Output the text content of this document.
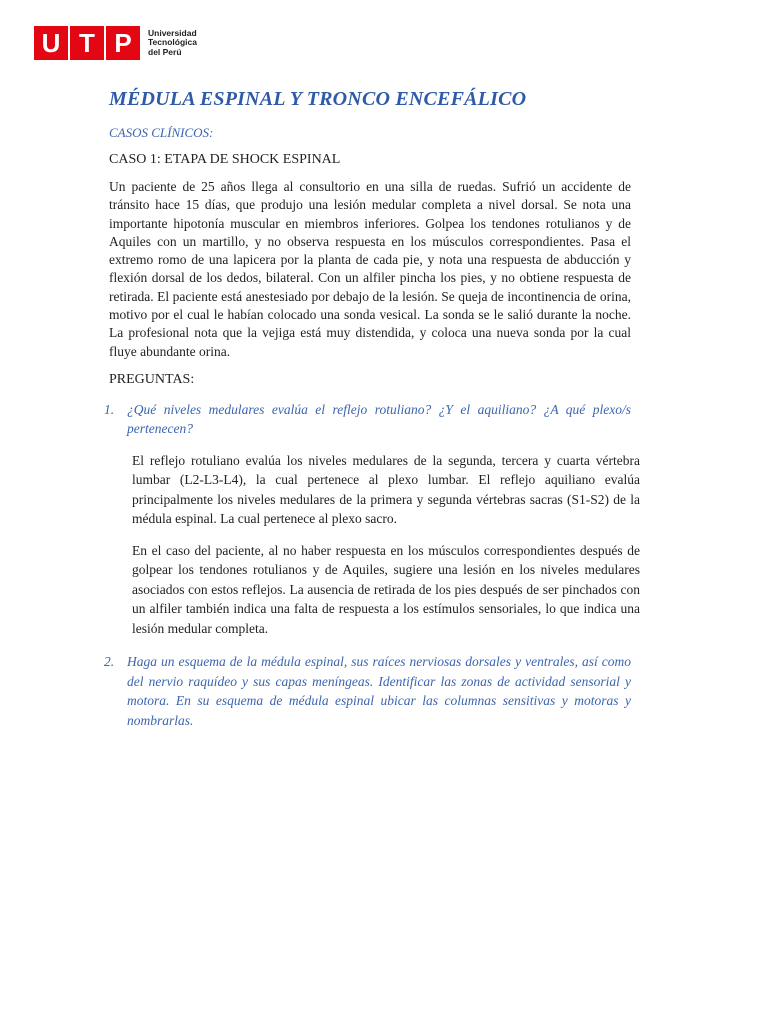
U T P	Universidad
Tecnológica
del Perú
MÉDULA ESPINAL Y TRONCO ENCEFÁLICO
CASOS CLÍNICOS:
CASO 1: ETAPA DE SHOCK ESPINAL
Un paciente de 25 años llega al consultorio en una silla de ruedas. Sufrió un accidente de tránsito hace 15 días, que produjo una lesión medular completa a nivel dorsal. Se nota una importante hipotonía muscular en miembros inferiores. Golpea los tendones rotulianos y de Aquiles con un martillo, y no observa respuesta en los músculos correspondientes. Pasa el extremo romo de una lapicera por la planta de cada pie, y nota una respuesta de abducción y flexión dorsal de los dedos, bilateral. Con un alfiler pincha los pies, y no obtiene respuesta de retirada. El paciente está anestesiado por debajo de la lesión. Se queja de incontinencia de orina, motivo por el cual le habían colocado una sonda vesical. La sonda se le salió durante la noche. La profesional nota que la vejiga está muy distendida, y coloca una nueva sonda por la cual fluye abundante orina.
PREGUNTAS:
1. ¿Qué niveles medulares evalúa el reflejo rotuliano? ¿Y el aquiliano? ¿A qué plexo/s pertenecen?
El reflejo rotuliano evalúa los niveles medulares de la segunda, tercera y cuarta vértebra lumbar (L2-L3-L4), la cual pertenece al plexo lumbar. El reflejo aquiliano evalúa principalmente los niveles medulares de la primera y segunda vértebras sacras (S1-S2) de la médula espinal. La cual pertenece al plexo sacro.
En el caso del paciente, al no haber respuesta en los músculos correspondientes después de golpear los tendones rotulianos y de Aquiles, sugiere una lesión en los niveles medulares asociados con estos reflejos. La ausencia de retirada de los pies después de ser pinchados con un alfiler también indica una falta de respuesta a los estímulos sensoriales, lo que indica una lesión medular completa.
2. Haga un esquema de la médula espinal, sus raíces nerviosas dorsales y ventrales, así como del nervio raquídeo y sus capas meníngeas. Identificar las zonas de actividad sensorial y motora. En su esquema de médula espinal ubicar las columnas sensitivas y motoras y nombrarlas.
